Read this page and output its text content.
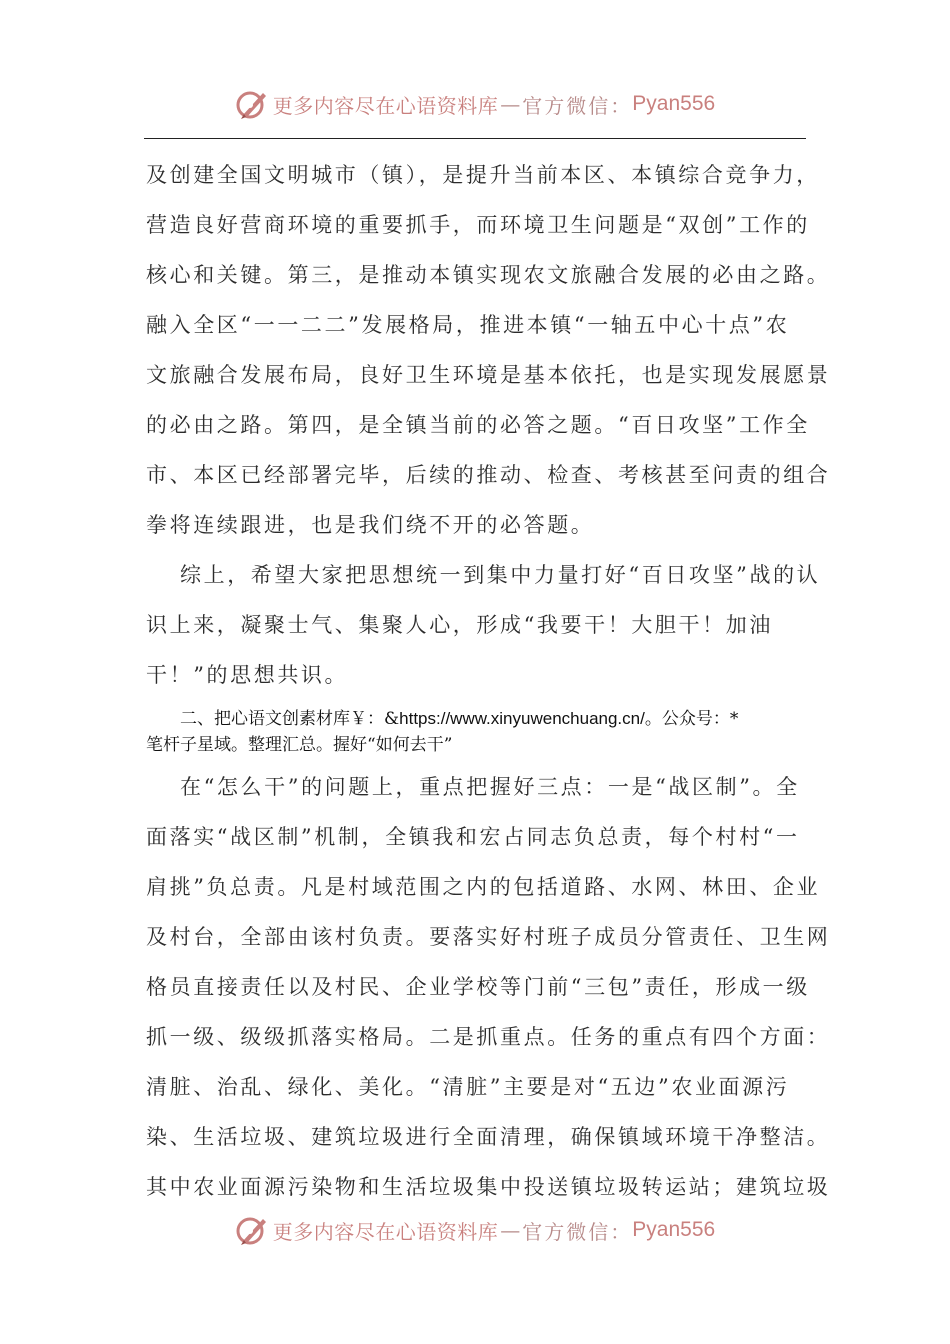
更多内容尽在心语资料库 — 官方微信： Pyan556
及创建全国文明城市（镇），是提升当前本区、本镇综合竞争力，
营造良好营商环境的重要抓手，而环境卫生问题是“双创”工作的
核心和关键。第三，是推动本镇实现农文旅融合发展的必由之路。
融入全区“一一二二”发展格局，推进本镇“一轴五中心十点”农
文旅融合发展布局，良好卫生环境是基本依托，也是实现发展愿景
的必由之路。第四，是全镇当前的必答之题。“百日攻坚”工作全
市、本区已经部署完毕，后续的推动、检查、考核甚至问责的组合
拳将连续跟进，也是我们绕不开的必答题。
综上，希望大家把思想统一到集中力量打好“百日攻坚”战的认
识上来，凝聚士气、集聚人心，形成“我要干！大胆干！加油
干！”的思想共识。
二、把心语文创素材库￥：&https://www.xinyuwenchuang.cn/。公众号：*
笔杆子星域。整理汇总。握好“如何去干”
在“怎么干”的问题上，重点把握好三点：一是“战区制”。全
面落实“战区制”机制，全镇我和宏占同志负总责，每个村村“一
肩挑”负总责。凡是村域范围之内的包括道路、水网、林田、企业
及村台，全部由该村负责。要落实好村班子成员分管责任、卫生网
格员直接责任以及村民、企业学校等门前“三包”责任，形成一级
抓一级、级级抓落实格局。二是抓重点。任务的重点有四个方面：
清脏、治乱、绿化、美化。“清脏”主要是对“五边”农业面源污
染、生活垃圾、建筑垃圾进行全面清理，确保镇域环境干净整洁。
其中农业面源污染物和生活垃圾集中投送镇垃圾转运站；建筑垃圾
更多内容尽在心语资料库 — 官方微信： Pyan556
